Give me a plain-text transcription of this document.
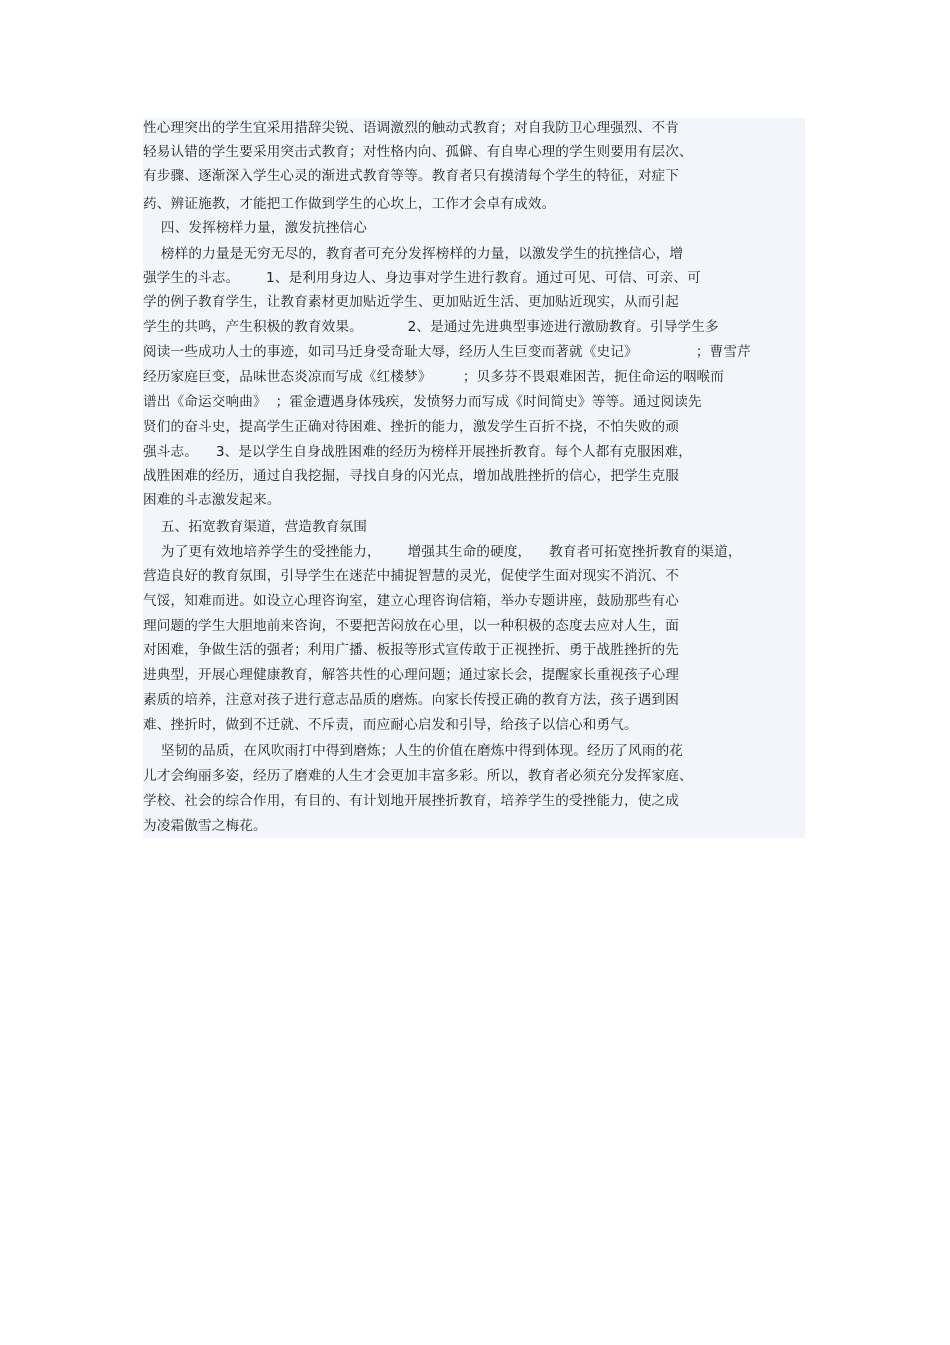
性心理突出的学生宜采用措辞尖锐、语调激烈的触动式教育；对自我防卫心理强烈、不肯
轻易认错的学生要采用突击式教育；对性格内向、孤僻、有自卑心理的学生则要用有层次、
有步骤、逐渐深入学生心灵的渐进式教育等等。教育者只有摸清每个学生的特征，对症下
药、辨证施教，才能把工作做到学生的心坎上，工作才会卓有成效。
四、发挥榜样力量，激发抗挫信心
榜样的力量是无穷无尽的，教育者可充分发挥榜样的力量，以激发学生的抗挫信心，增
强学生的斗志。      1、是利用身边人、身边事对学生进行教育。通过可见、可信、可亲、可
学的例子教育学生，让教育素材更加贴近学生、更加贴近生活、更加贴近现实，从而引起
学生的共鸣，产生积极的教育效果。          2、是通过先进典型事迹进行激励教育。引导学生多
阅读一些成功人士的事迹，如司马迁身受奇耻大辱，经历人生巨变而著就《史记》             ；曹雪芹
经历家庭巨变，品味世态炎凉而写成《红楼梦》       ；贝多芬不畏艰难困苦，扼住命运的咽喉而
谱出《命运交响曲》  ；霍金遭遇身体残疾，发愤努力而写成《时间简史》等等。通过阅读先
贤们的奋斗史，提高学生正确对待困难、挫折的能力，激发学生百折不挠，不怕失败的顽
强斗志。    3、是以学生自身战胜困难的经历为榜样开展挫折教育。每个人都有克服困难，
战胜困难的经历，通过自我挖掘，寻找自身的闪光点，增加战胜挫折的信心，把学生克服
困难的斗志激发起来。
五、拓宽教育渠道，营造教育氛围
为了更有效地培养学生的受挫能力，      增强其生命的硬度，    教育者可拓宽挫折教育的渠道，
营造良好的教育氛围，引导学生在迷茫中捕捉智慧的灵光，促使学生面对现实不消沉、不
气馁，知难而进。如设立心理咨询室，建立心理咨询信箱，举办专题讲座，鼓励那些有心
理问题的学生大胆地前来咨询，不要把苦闷放在心里，以一种积极的态度去应对人生，面
对困难，争做生活的强者；利用广播、板报等形式宣传敢于正视挫折、勇于战胜挫折的先
进典型，开展心理健康教育，解答共性的心理问题；通过家长会，提醒家长重视孩子心理
素质的培养，注意对孩子进行意志品质的磨炼。向家长传授正确的教育方法，孩子遇到困
难、挫折时，做到不迁就、不斥责，而应耐心启发和引导，给孩子以信心和勇气。
坚韧的品质，在风吹雨打中得到磨炼；人生的价值在磨炼中得到体现。经历了风雨的花
儿才会绚丽多姿，经历了磨难的人生才会更加丰富多彩。所以，教育者必须充分发挥家庭、
学校、社会的综合作用，有目的、有计划地开展挫折教育，培养学生的受挫能力，使之成
为凌霜傲雪之梅花。
